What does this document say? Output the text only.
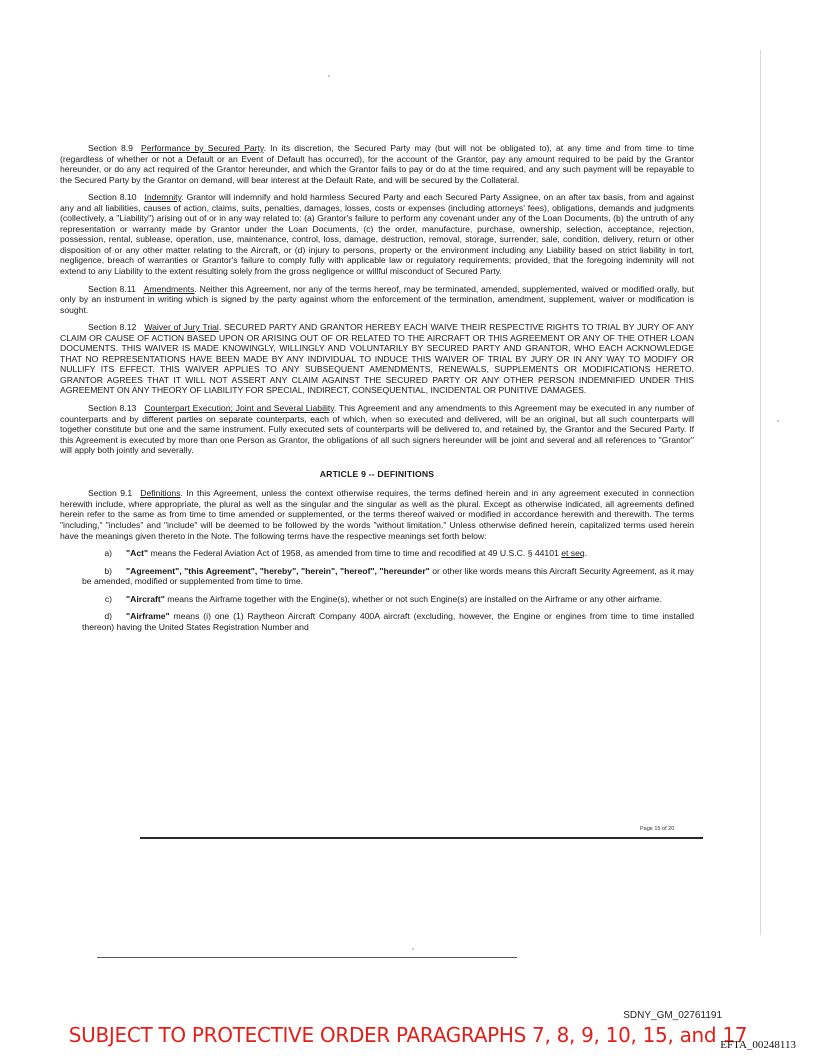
Section 8.9 Performance by Secured Party. In its discretion, the Secured Party may (but will not be obligated to), at any time and from time to time (regardless of whether or not a Default or an Event of Default has occurred), for the account of the Grantor, pay any amount required to be paid by the Grantor hereunder, or do any act required of the Grantor hereunder, and which the Grantor fails to pay or do at the time required, and any such payment will be repayable to the Secured Party by the Grantor on demand, will bear interest at the Default Rate, and will be secured by the Collateral.

Section 8.10 Indemnity. Grantor will indemnify and hold harmless Secured Party and each Secured Party Assignee, on an after tax basis, from and against any and all liabilities, causes of action, claims, suits, penalties, damages, losses, costs or expenses (including attorneys' fees), obligations, demands and judgments (collectively, a "Liability") arising out of or in any way related to: (a) Grantor's failure to perform any covenant under any of the Loan Documents, (b) the untruth of any representation or warranty made by Grantor under the Loan Documents, (c) the order, manufacture, purchase, ownership, selection, acceptance, rejection, possession, rental, sublease, operation, use, maintenance, control, loss, damage, destruction, removal, storage, surrender, sale, condition, delivery, return or other disposition of or any other matter relating to the Aircraft, or (d) injury to persons, property or the environment including any Liability based on strict liability in tort, negligence, breach of warranties or Grantor's failure to comply fully with applicable law or regulatory requirements; provided, that the foregoing indemnity will not extend to any Liability to the extent resulting solely from the gross negligence or willful misconduct of Secured Party.

Section 8.11 Amendments. Neither this Agreement, nor any of the terms hereof, may be terminated, amended, supplemented, waived or modified orally, but only by an instrument in writing which is signed by the party against whom the enforcement of the termination, amendment, supplement, waiver or modification is sought.

Section 8.12 Waiver of Jury Trial. SECURED PARTY AND GRANTOR HEREBY EACH WAIVE THEIR RESPECTIVE RIGHTS TO TRIAL BY JURY OF ANY CLAIM OR CAUSE OF ACTION BASED UPON OR ARISING OUT OF OR RELATED TO THE AIRCRAFT OR THIS AGREEMENT OR ANY OF THE OTHER LOAN DOCUMENTS. THIS WAIVER IS MADE KNOWINGLY, WILLINGLY AND VOLUNTARILY BY SECURED PARTY AND GRANTOR, WHO EACH ACKNOWLEDGE THAT NO REPRESENTATIONS HAVE BEEN MADE BY ANY INDIVIDUAL TO INDUCE THIS WAIVER OF TRIAL BY JURY OR IN ANY WAY TO MODIFY OR NULLIFY ITS EFFECT. THIS WAIVER APPLIES TO ANY SUBSEQUENT AMENDMENTS, RENEWALS, SUPPLEMENTS OR MODIFICATIONS HERETO. GRANTOR AGREES THAT IT WILL NOT ASSERT ANY CLAIM AGAINST THE SECURED PARTY OR ANY OTHER PERSON INDEMNIFIED UNDER THIS AGREEMENT ON ANY THEORY OF LIABILITY FOR SPECIAL, INDIRECT, CONSEQUENTIAL, INCIDENTAL OR PUNITIVE DAMAGES.

Section 8.13 Counterpart Execution; Joint and Several Liability. This Agreement and any amendments to this Agreement may be executed in any number of counterparts and by different parties on separate counterparts, each of which, when so executed and delivered, will be an original, but all such counterparts will together constitute but one and the same instrument. Fully executed sets of counterparts will be delivered to, and retained by, the Grantor and the Secured Party. If this Agreement is executed by more than one Person as Grantor, the obligations of all such signers hereunder will be joint and several and all references to "Grantor" will apply both jointly and severally.

ARTICLE 9 -- DEFINITIONS

Section 9.1 Definitions. In this Agreement, unless the context otherwise requires, the terms defined herein and in any agreement executed in connection herewith include, where appropriate, the plural as well as the singular and the singular as well as the plural. Except as otherwise indicated, all agreements defined herein refer to the same as from time to time amended or supplemented, or the terms thereof waived or modified in accordance herewith and therewith. The terms "including," "includes" and "include" will be deemed to be followed by the words "without limitation." Unless otherwise defined herein, capitalized terms used herein have the meanings given thereto in the Note. The following terms have the respective meanings set forth below:

a) "Act" means the Federal Aviation Act of 1958, as amended from time to time and recodified at 49 U.S.C. § 44101 et seq.

b) "Agreement", "this Agreement", "hereby", "herein", "hereof", "hereunder" or other like words means this Aircraft Security Agreement, as it may be amended, modified or supplemented from time to time.

c) "Aircraft" means the Airframe together with the Engine(s), whether or not such Engine(s) are installed on the Airframe or any other airframe.

d) "Airframe" means (i) one (1) Raytheon Aircraft Company 400A aircraft (excluding, however, the Engine or engines from time to time installed thereon) having the United States Registration Number and

Page 15 of 20
SDNY_GM_02761191
SUBJECT TO PROTECTIVE ORDER PARAGRAPHS 7, 8, 9, 10, 15, and 17
EFTA_00248113
